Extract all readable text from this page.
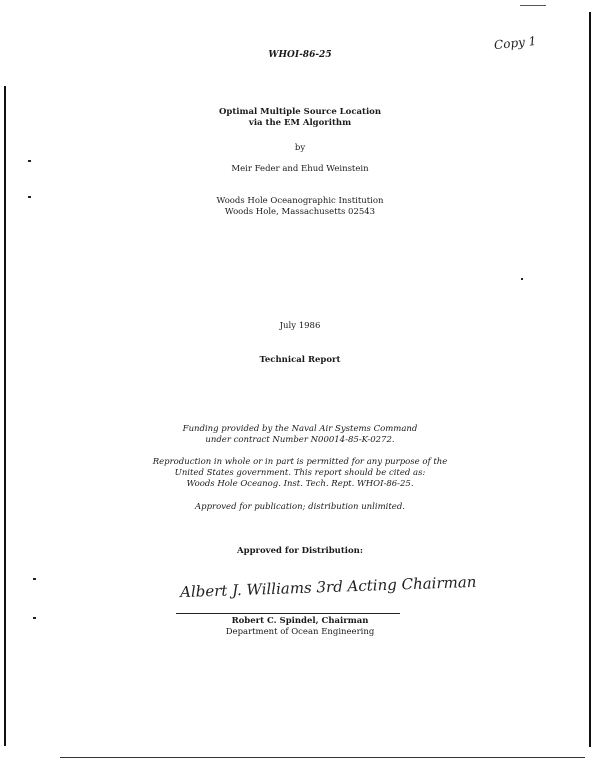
Copy 1
WHOI-86-25
Optimal Multiple Source Location
via the EM Algorithm
by
Meir Feder and Ehud Weinstein
Woods Hole Oceanographic Institution
Woods Hole, Massachusetts 02543
July 1986
Technical Report
Funding provided by the Naval Air Systems Command
under contract Number N00014-85-K-0272.
Reproduction in whole or in part is permitted for any purpose of the
United States government. This report should be cited as:
Woods Hole Oceanog. Inst. Tech. Rept. WHOI-86-25.
Approved for publication; distribution unlimited.
Approved for Distribution:
Albert J. Williams 3rd Acting Chairman
Robert C. Spindel, Chairman
Department of Ocean Engineering
